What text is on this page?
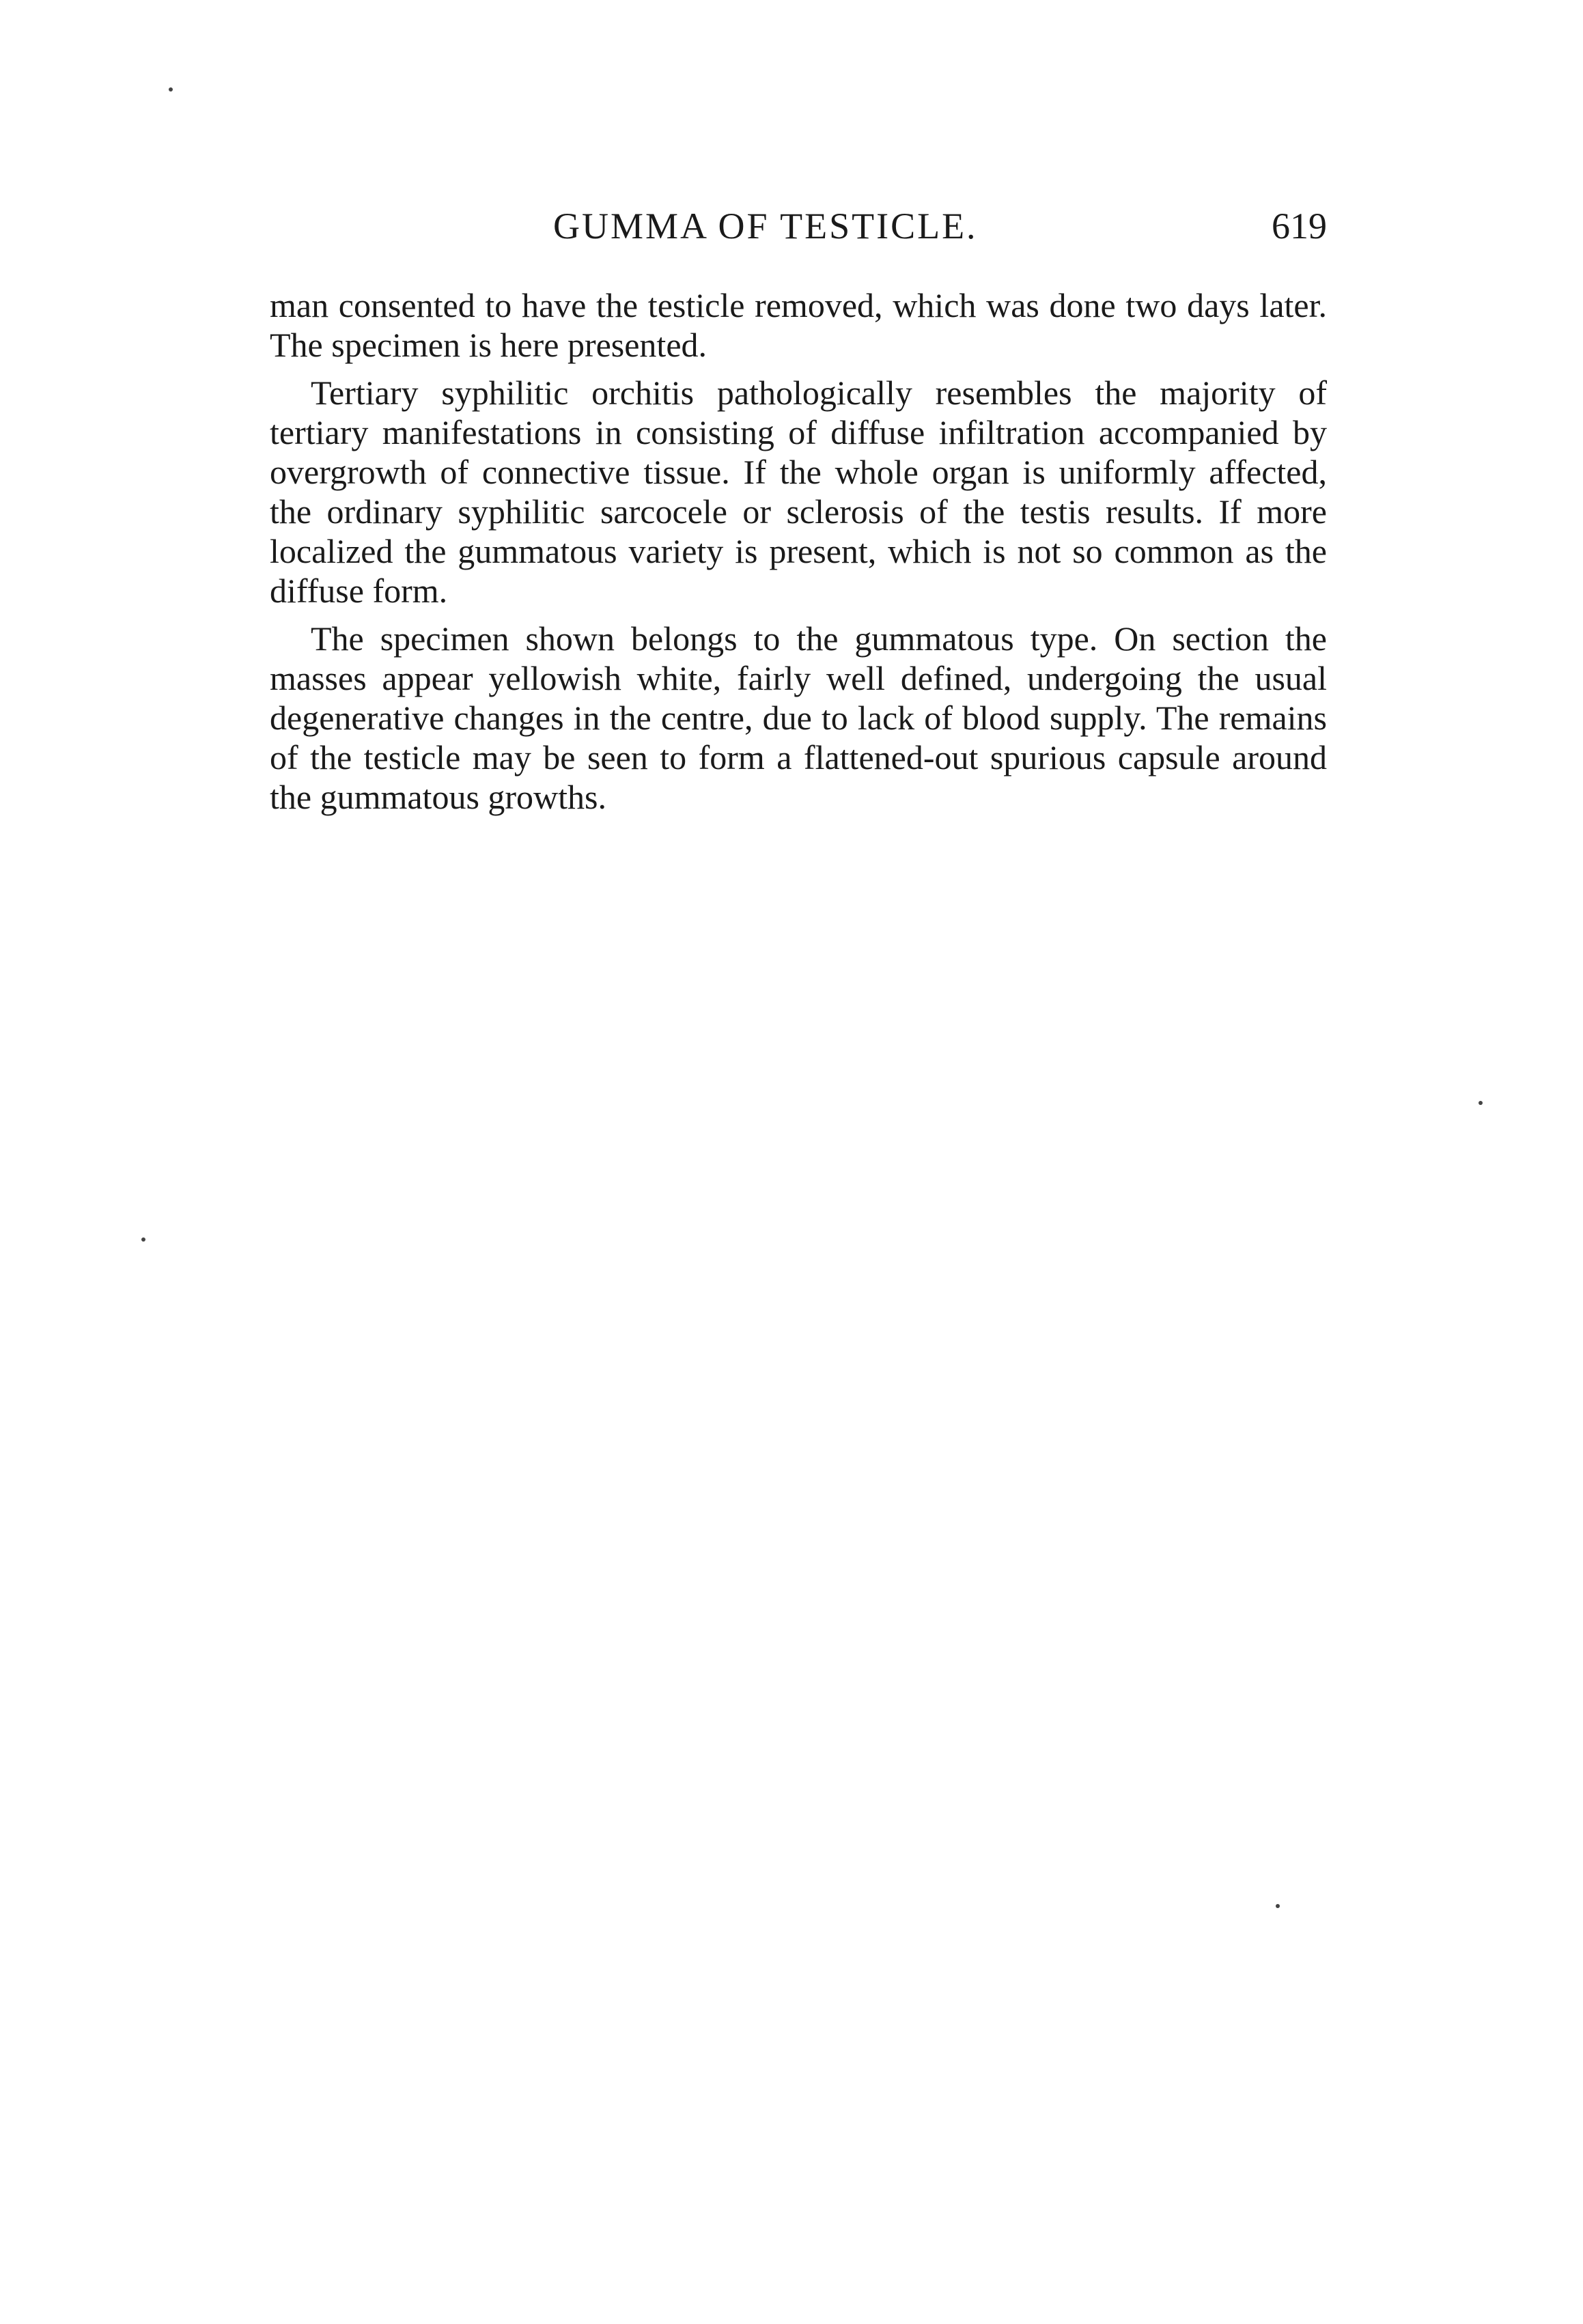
GUMMA OF TESTICLE.	619

man consented to have the testicle removed, which was done two days later. The specimen is here presented.

Tertiary syphilitic orchitis pathologically resembles the majority of tertiary manifestations in consisting of diffuse infiltration accompanied by overgrowth of connective tissue. If the whole organ is uniformly affected, the ordinary syphilitic sarcocele or sclerosis of the testis results. If more localized the gummatous variety is present, which is not so common as the diffuse form.

The specimen shown belongs to the gummatous type. On section the masses appear yellowish white, fairly well defined, undergoing the usual degenerative changes in the centre, due to lack of blood supply. The remains of the testicle may be seen to form a flattened-out spurious capsule around the gummatous growths.
